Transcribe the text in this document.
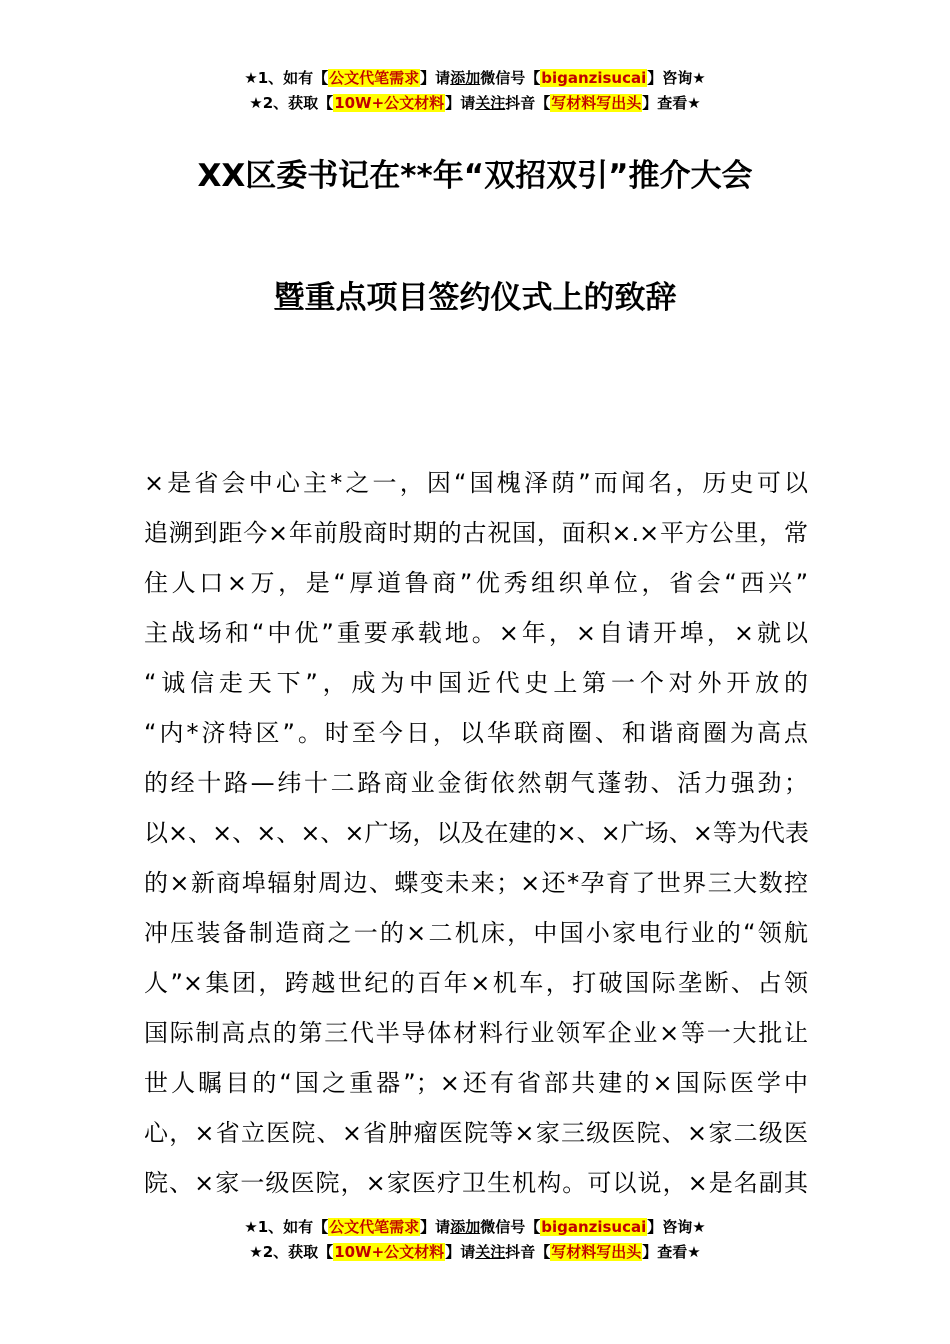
★1、如有【公文代笔需求】请添加微信号【biganzisucai】咨询★
★2、获取【10W+公文材料】请关注抖音【写材料写出头】查看★
XX区委书记在**年“双招双引”推介大会
暨重点项目签约仪式上的致辞
×是省会中心主*之一，因“国槐泽荫”而闻名，历史可以
追溯到距今×年前殷商时期的古祝国，面积×.×平方公里，常
住人口×万，是“厚道鲁商”优秀组织单位，省会“西兴”
主战场和“中优”重要承载地。×年，×自请开埠，×就以
“诚信走天下”，成为中国近代史上第一个对外开放的
“内*济特区”。时至今日，以华联商圈、和谐商圈为高点
的经十路—纬十二路商业金街依然朝气蓬勃、活力强劲；
以×、×、×、×、×广场，以及在建的×、×广场、×等为代表
的×新商埠辐射周边、蝶变未来；×还*孕育了世界三大数控
冲压装备制造商之一的×二机床，中国小家电行业的“领航
人”×集团，跨越世纪的百年×机车，打破国际垄断、占领
国际制高点的第三代半导体材料行业领军企业×等一大批让
世人瞩目的“国之重器”；×还有省部共建的×国际医学中
心，×省立医院、×省肿瘤医院等×家三级医院、×家二级医
院、×家一级医院，×家医疗卫生机构。可以说，×是名副其
★1、如有【公文代笔需求】请添加微信号【biganzisucai】咨询★
★2、获取【10W+公文材料】请关注抖音【写材料写出头】查看★
